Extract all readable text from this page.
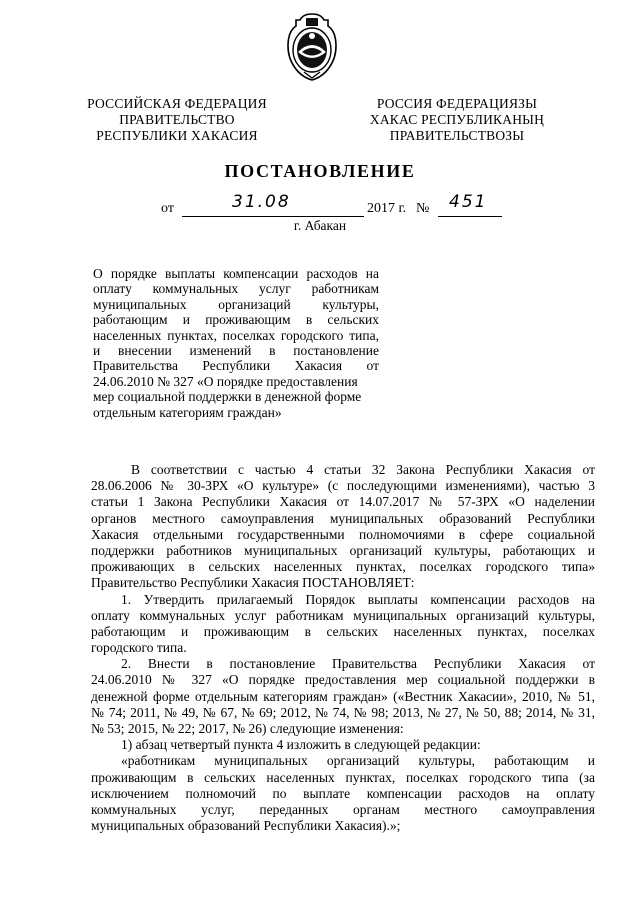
РОССИЙСКАЯ ФЕДЕРАЦИЯ
ПРАВИТЕЛЬСТВО
РЕСПУБЛИКИ ХАКАСИЯ
РОССИЯ ФЕДЕРАЦИЯЗЫ
ХАКАС РЕСПУБЛИКАНЫҢ
ПРАВИТЕЛЬСТВОЗЫ
ПОСТАНОВЛЕНИЕ
от	31.08	2017 г. № 451
г. Абакан
О порядке выплаты компенсации расходов на
оплату коммунальных услуг работникам
муниципальных организаций культуры,
работающим и проживающим в сельских
населенных пунктах, поселках городского типа,
и внесении изменений в постановление
Правительства Республики Хакасия от
24.06.2010 № 327 «О порядке предоставления
мер социальной поддержки в денежной форме
отдельным категориям граждан»
В соответствии с частью 4 статьи 32 Закона Республики Хакасия от
28.06.2006 № 30-ЗРХ «О культуре» (с последующими изменениями), частью 3
статьи 1 Закона Республики Хакасия от 14.07.2017 № 57-ЗРХ «О наделении
органов местного самоуправления муниципальных образований Республики
Хакасия отдельными государственными полномочиями в сфере социальной
поддержки работников муниципальных организаций культуры, работающих и
проживающих в сельских населенных пунктах, поселках городского типа»
Правительство Республики Хакасия ПОСТАНОВЛЯЕТ:
1. Утвердить прилагаемый Порядок выплаты компенсации расходов на
оплату коммунальных услуг работникам муниципальных организаций культуры,
работающим и проживающим в сельских населенных пунктах, поселках
городского типа.
2. Внести в постановление Правительства Республики Хакасия от
24.06.2010 № 327 «О порядке предоставления мер социальной поддержки в
денежной форме отдельным категориям граждан» («Вестник Хакасии», 2010, № 51,
№ 74; 2011, № 49, № 67, № 69; 2012, № 74, № 98; 2013, № 27, № 50, 88; 2014, № 31,
№ 53; 2015, № 22; 2017, № 26) следующие изменения:
1) абзац четвертый пункта 4 изложить в следующей редакции:
«работникам муниципальных организаций культуры, работающим и
проживающим в сельских населенных пунктах, поселках городского типа (за
исключением полномочий по выплате компенсации расходов на оплату
коммунальных услуг, переданных органам местного самоуправления
муниципальных образований Республики Хакасия).»;
